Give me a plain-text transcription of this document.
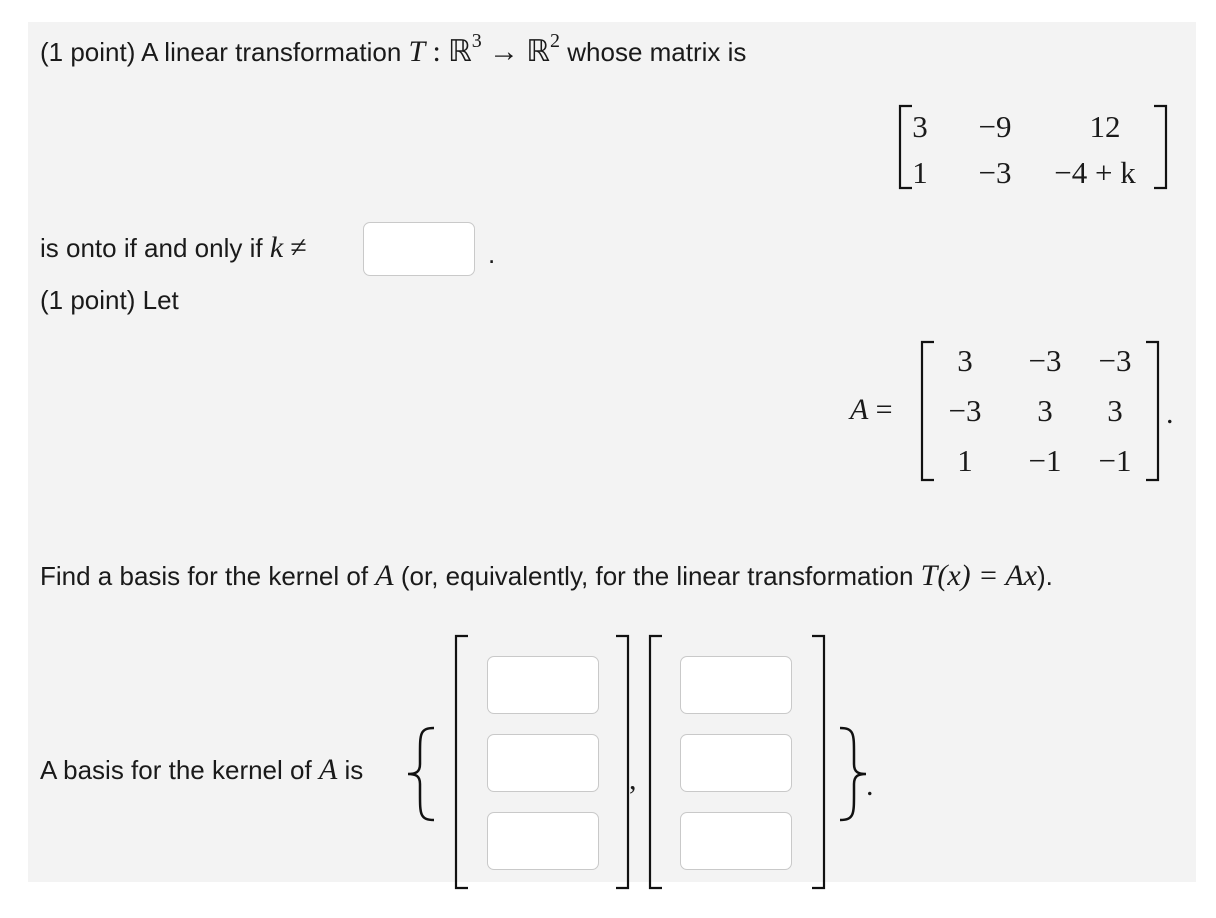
(1 point) A linear transformation T : ℝ$^3$ → ℝ$^2$ whose matrix is
3	−9	12
1	−3	−4 + k
is onto if and only if k ≠	.
(1 point) Let
A =
3	−3	−3
−3	3	3
1	−1	−1
.
Find a basis for the kernel of A (or, equivalently, for the linear transformation T(x) = Ax).
A basis for the kernel of A is	,	.
